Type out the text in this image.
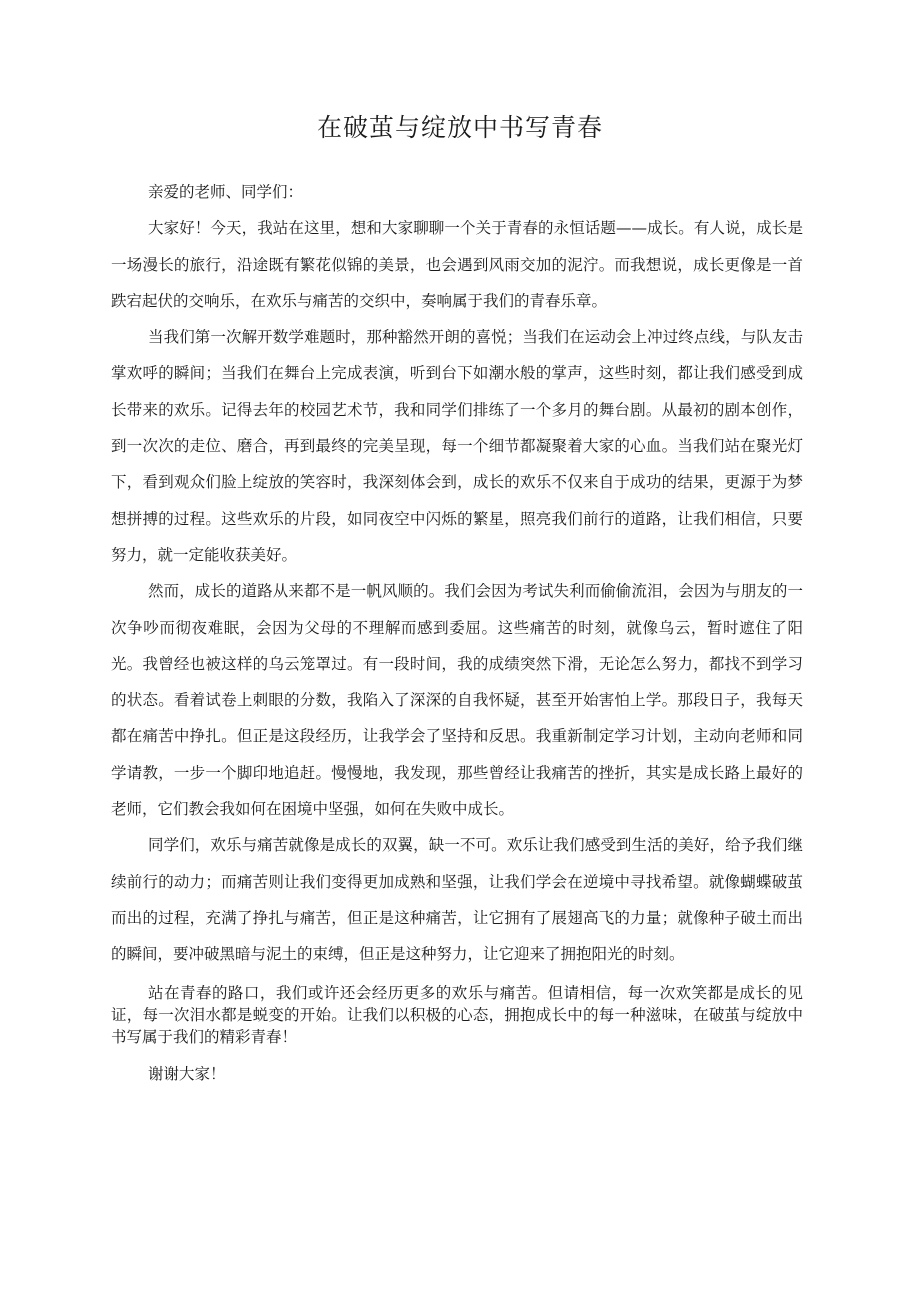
在破茧与绽放中书写青春

亲爱的老师、同学们：

大家好！今天，我站在这里，想和大家聊聊一个关于青春的永恒话题——成长。有人说，成长是一场漫长的旅行，沿途既有繁花似锦的美景，也会遇到风雨交加的泥泞。而我想说，成长更像是一首跌宕起伏的交响乐，在欢乐与痛苦的交织中，奏响属于我们的青春乐章。

当我们第一次解开数学难题时，那种豁然开朗的喜悦；当我们在运动会上冲过终点线，与队友击掌欢呼的瞬间；当我们在舞台上完成表演，听到台下如潮水般的掌声，这些时刻，都让我们感受到成长带来的欢乐。记得去年的校园艺术节，我和同学们排练了一个多月的舞台剧。从最初的剧本创作，到一次次的走位、磨合，再到最终的完美呈现，每一个细节都凝聚着大家的心血。当我们站在聚光灯下，看到观众们脸上绽放的笑容时，我深刻体会到，成长的欢乐不仅来自于成功的结果，更源于为梦想拼搏的过程。这些欢乐的片段，如同夜空中闪烁的繁星，照亮我们前行的道路，让我们相信，只要努力，就一定能收获美好。

然而，成长的道路从来都不是一帆风顺的。我们会因为考试失利而偷偷流泪，会因为与朋友的一次争吵而彻夜难眠，会因为父母的不理解而感到委屈。这些痛苦的时刻，就像乌云，暂时遮住了阳光。我曾经也被这样的乌云笼罩过。有一段时间，我的成绩突然下滑，无论怎么努力，都找不到学习的状态。看着试卷上刺眼的分数，我陷入了深深的自我怀疑，甚至开始害怕上学。那段日子，我每天都在痛苦中挣扎。但正是这段经历，让我学会了坚持和反思。我重新制定学习计划，主动向老师和同学请教，一步一个脚印地追赶。慢慢地，我发现，那些曾经让我痛苦的挫折，其实是成长路上最好的老师，它们教会我如何在困境中坚强，如何在失败中成长。

同学们，欢乐与痛苦就像是成长的双翼，缺一不可。欢乐让我们感受到生活的美好，给予我们继续前行的动力；而痛苦则让我们变得更加成熟和坚强，让我们学会在逆境中寻找希望。就像蝴蝶破茧而出的过程，充满了挣扎与痛苦，但正是这种痛苦，让它拥有了展翅高飞的力量；就像种子破土而出的瞬间，要冲破黑暗与泥土的束缚，但正是这种努力，让它迎来了拥抱阳光的时刻。

站在青春的路口，我们或许还会经历更多的欢乐与痛苦。但请相信，每一次欢笑都是成长的见证，每一次泪水都是蜕变的开始。让我们以积极的心态，拥抱成长中的每一种滋味，在破茧与绽放中书写属于我们的精彩青春！

谢谢大家！
